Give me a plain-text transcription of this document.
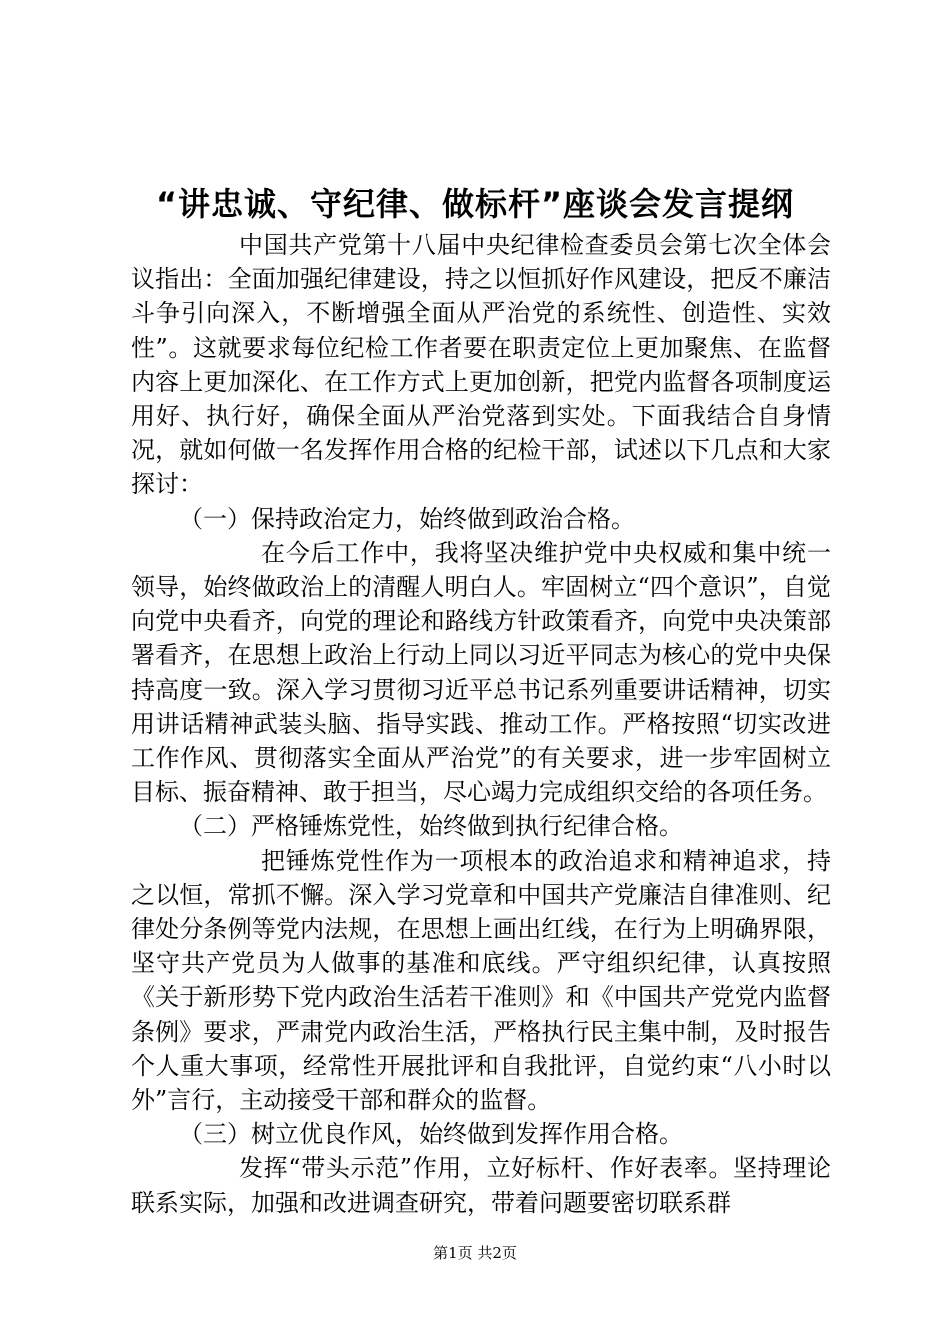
“讲忠诚、守纪律、做标杆”座谈会发言提纲

中国共产党第十八届中央纪律检查委员会第七次全体会议指出：全面加强纪律建设，持之以恒抓好作风建设，把反不廉洁斗争引向深入，不断增强全面从严治党的系统性、创造性、实效性”。这就要求每位纪检工作者要在职责定位上更加聚焦、在监督内容上更加深化、在工作方式上更加创新，把党内监督各项制度运用好、执行好，确保全面从严治党落到实处。下面我结合自身情况，就如何做一名发挥作用合格的纪检干部，试述以下几点和大家探讨：

（一）保持政治定力，始终做到政治合格。

在今后工作中，我将坚决维护党中央权威和集中统一领导，始终做政治上的清醒人明白人。牢固树立“四个意识”，自觉向党中央看齐，向党的理论和路线方针政策看齐，向党中央决策部署看齐，在思想上政治上行动上同以习近平同志为核心的党中央保持高度一致。深入学习贯彻习近平总书记系列重要讲话精神，切实用讲话精神武装头脑、指导实践、推动工作。严格按照“切实改进工作作风、贯彻落实全面从严治党”的有关要求，进一步牢固树立目标、振奋精神、敢于担当，尽心竭力完成组织交给的各项任务。

（二）严格锤炼党性，始终做到执行纪律合格。

把锤炼党性作为一项根本的政治追求和精神追求，持之以恒，常抓不懈。深入学习党章和中国共产党廉洁自律准则、纪律处分条例等党内法规，在思想上画出红线，在行为上明确界限，坚守共产党员为人做事的基准和底线。严守组织纪律，认真按照《关于新形势下党内政治生活若干准则》和《中国共产党党内监督条例》要求，严肃党内政治生活，严格执行民主集中制，及时报告个人重大事项，经常性开展批评和自我批评，自觉约束“八小时以外”言行，主动接受干部和群众的监督。

（三）树立优良作风，始终做到发挥作用合格。

发挥“带头示范”作用，立好标杆、作好表率。坚持理论联系实际，加强和改进调查研究，带着问题要密切联系群

第1页 共2页
